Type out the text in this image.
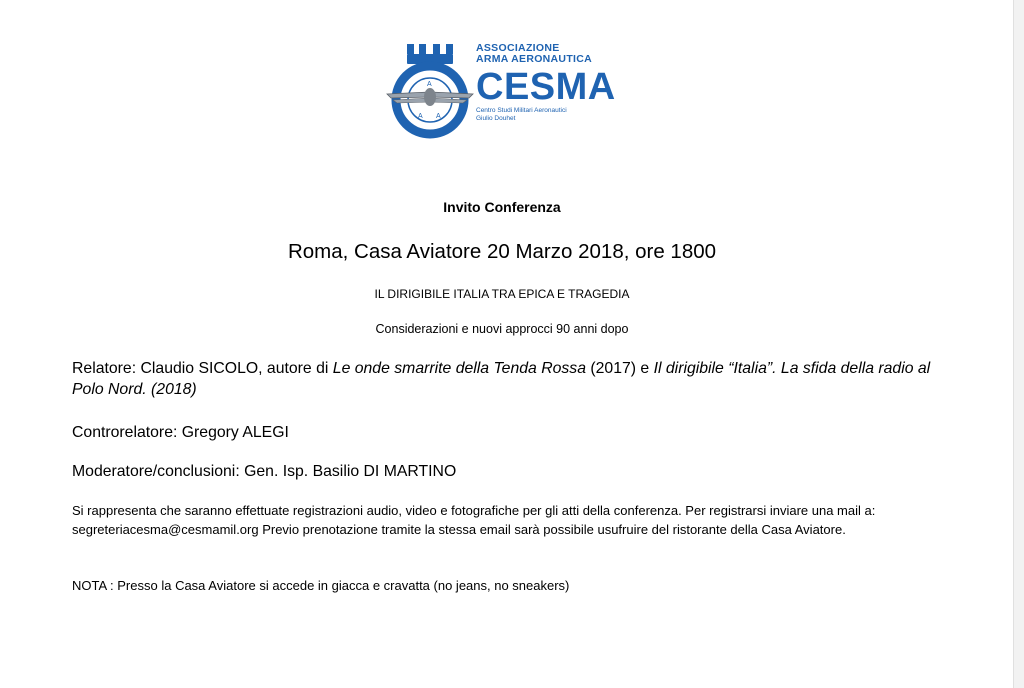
A
A A
ASSOCIAZIONE
ARMA AERONAUTICA
CESMA
Centro Studi Militari Aeronautici
Giulio Douhet
Invito Conferenza
Roma, Casa Aviatore 20 Marzo 2018, ore 1800
IL DIRIGIBILE ITALIA TRA EPICA E TRAGEDIA
Considerazioni e nuovi approcci 90 anni dopo
Relatore: Claudio SICOLO, autore di Le onde smarrite della Tenda Rossa (2017) e Il dirigibile “Italia”. La sfida della radio al Polo Nord. (2018)
Controrelatore: Gregory ALEGI
Moderatore/conclusioni: Gen. Isp. Basilio DI MARTINO
Si rappresenta che saranno effettuate registrazioni audio, video e fotografiche per gli atti della conferenza. Per registrarsi inviare una mail a: segreteriacesma@cesmamil.org Previo prenotazione tramite la stessa email sarà possibile usufruire del ristorante della Casa Aviatore.
NOTA : Presso la Casa Aviatore si accede in giacca e cravatta (no jeans, no sneakers)
